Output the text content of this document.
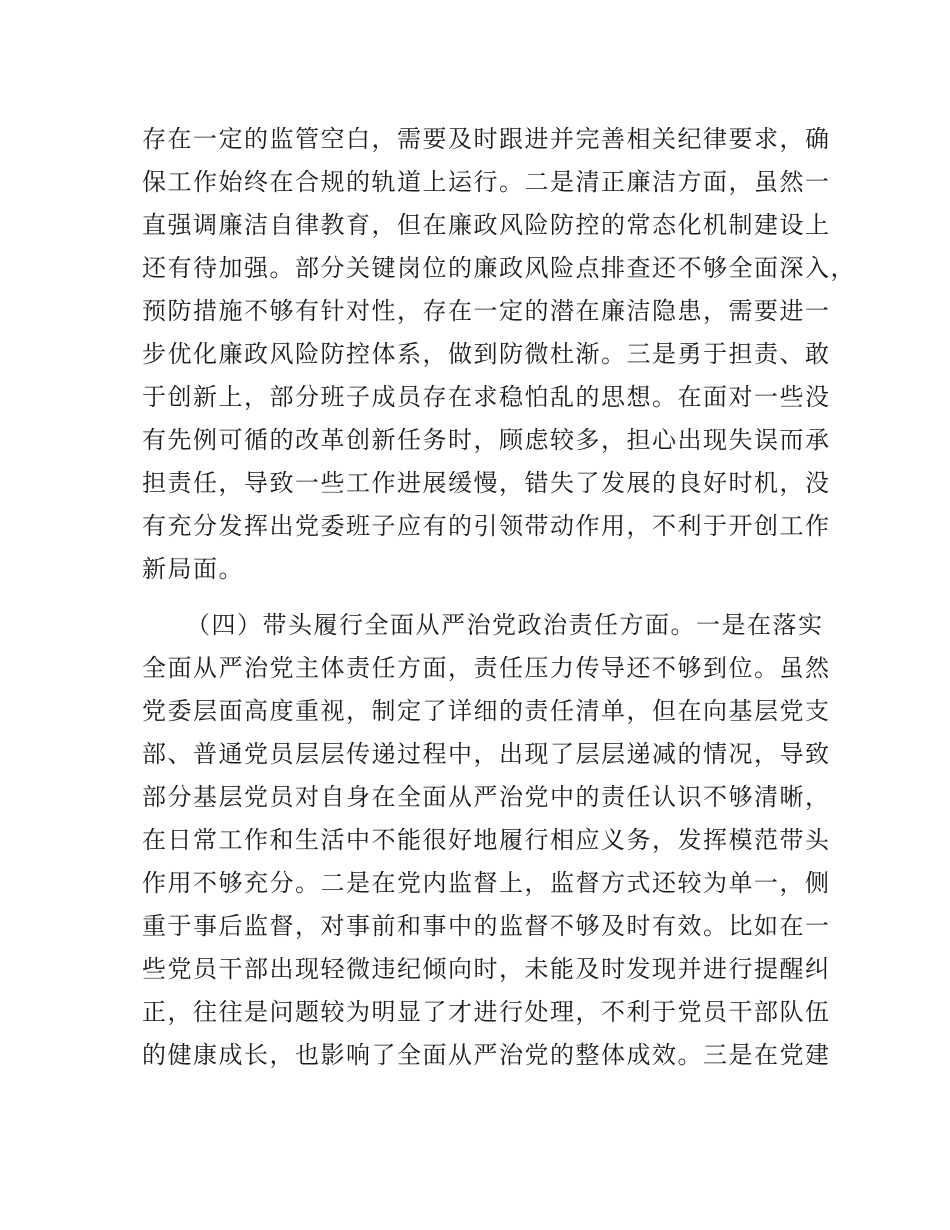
存在一定的监管空白，需要及时跟进并完善相关纪律要求，确
保工作始终在合规的轨道上运行。二是清正廉洁方面，虽然一
直强调廉洁自律教育，但在廉政风险防控的常态化机制建设上
还有待加强。部分关键岗位的廉政风险点排查还不够全面深入，
预防措施不够有针对性，存在一定的潜在廉洁隐患，需要进一
步优化廉政风险防控体系，做到防微杜渐。三是勇于担责、敢
于创新上，部分班子成员存在求稳怕乱的思想。在面对一些没
有先例可循的改革创新任务时，顾虑较多，担心出现失误而承
担责任，导致一些工作进展缓慢，错失了发展的良好时机，没
有充分发挥出党委班子应有的引领带动作用，不利于开创工作
新局面。
（四）带头履行全面从严治党政治责任方面。一是在落实
全面从严治党主体责任方面，责任压力传导还不够到位。虽然
党委层面高度重视，制定了详细的责任清单，但在向基层党支
部、普通党员层层传递过程中，出现了层层递减的情况，导致
部分基层党员对自身在全面从严治党中的责任认识不够清晰，
在日常工作和生活中不能很好地履行相应义务，发挥模范带头
作用不够充分。二是在党内监督上，监督方式还较为单一，侧
重于事后监督，对事前和事中的监督不够及时有效。比如在一
些党员干部出现轻微违纪倾向时，未能及时发现并进行提醒纠
正，往往是问题较为明显了才进行处理，不利于党员干部队伍
的健康成长，也影响了全面从严治党的整体成效。三是在党建
